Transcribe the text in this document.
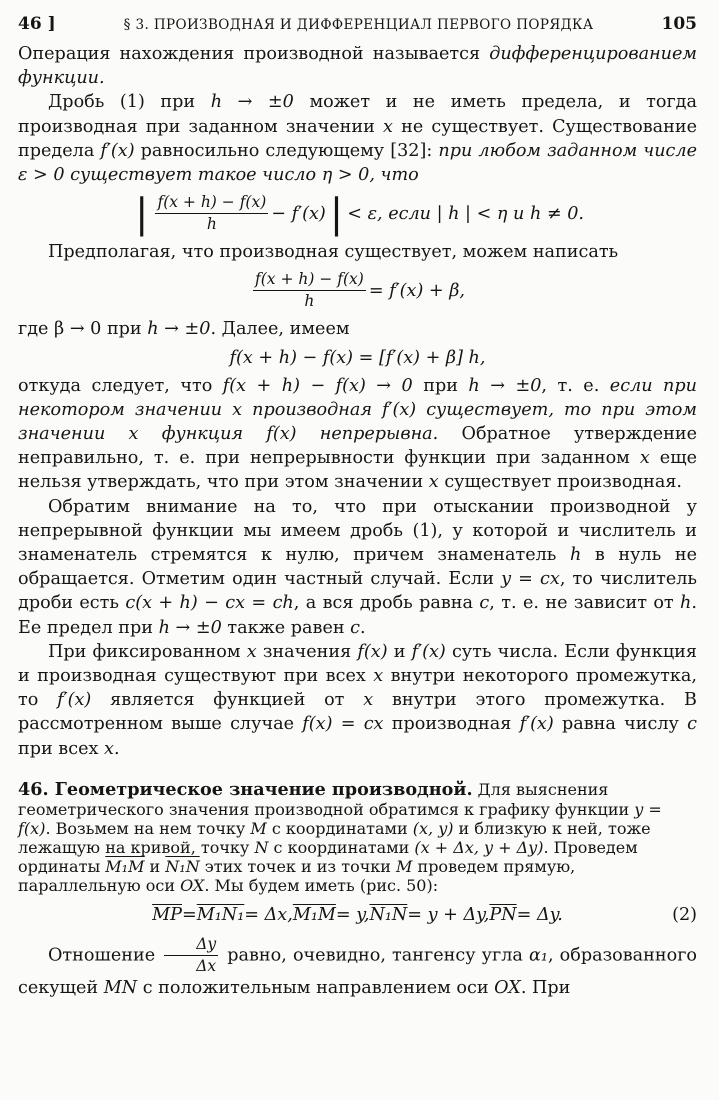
46 ]	§ 3. ПРОИЗВОДНАЯ И ДИФФЕРЕНЦИАЛ ПЕРВОГО ПОРЯДКА	105

Операция нахождения производной называется дифференцированием функции.

Дробь (1) при h → ±0 может и не иметь предела, и тогда производная при заданном значении x не существует. Существование предела f′(x) равносильно следующему [32]: при любом заданном числе ε > 0 существует такое число η > 0, что

| $\frac{f(x + h) - f(x)}{h} - f'(x)$ | < ε, если | h | < η и h ≠ 0.

Предполагая, что производная существует, можем написать

$\frac{f(x + h) - f(x)}{h} = f'(x) + \beta$,

где β → 0 при h → ±0. Далее, имеем

f(x + h) − f(x) = [f′(x) + β] h,

откуда следует, что f(x + h) − f(x) → 0 при h → ±0, т. е. если при некотором значении x производная f′(x) существует, то при этом значении x функция f(x) непрерывна. Обратное утверждение неправильно, т. е. при непрерывности функции при заданном x еще нельзя утверждать, что при этом значении x существует производная.

Обратим внимание на то, что при отыскании производной у непрерывной функции мы имеем дробь (1), у которой и числитель и знаменатель стремятся к нулю, причем знаменатель h в нуль не обращается. Отметим один частный случай. Если y = cx, то числитель дроби есть c(x + h) − cx = ch, а вся дробь равна c, т. е. не зависит от h. Ее предел при h → ±0 также равен c.

При фиксированном x значения f(x) и f′(x) суть числа. Если функция и производная существуют при всех x внутри некоторого промежутка, то f′(x) является функцией от x внутри этого промежутка. В рассмотренном выше случае f(x) = cx производная f′(x) равна числу c при всех x.

46. Геометрическое значение производной. Для выяснения геометрического значения производной обратимся к графику функции y = f(x). Возьмем на нем точку M с координатами (x, y) и близкую к ней, тоже лежащую на кривой, точку N с координатами (x + Δx, y + Δy). Проведем ординаты M₁M и N₁N этих точек и из точки M проведем прямую, параллельную оси OX. Мы будем иметь (рис. 50):

$\overline{MP} = M_1N_1 = \Delta x$, M₁M = y, N₁N = y + Δy, $\overline{PN} = \Delta y$.	(2)

Отношение $\frac{\Delta y}{\Delta x}$ равно, очевидно, тангенсу угла α₁, образованного секущей MN с положительным направлением оси OX. При
